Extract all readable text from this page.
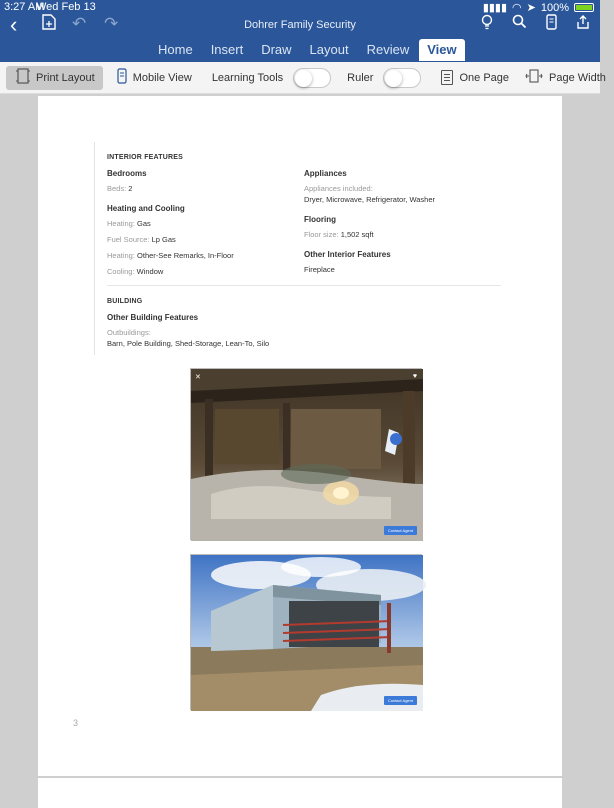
3:27 AM
Wed Feb 13	▮▮▮▮ ◠ ➤ 100%
‹	↶ ↷	Dohrer Family Security
Home	Insert	Draw	Layout	Review	View
Print Layout	Mobile View Learning Tools	Ruler	One Page	Page Width
INTERIOR FEATURES
Bedrooms
Beds: 2
Heating and Cooling
Heating: Gas
Fuel Source: Lp Gas
Heating: Other-See Remarks, In-Floor
Cooling: Window
Appliances
Appliances included:
Dryer, Microwave, Refrigerator, Washer
Flooring
Floor size: 1,502 sqft
Other Interior Features
Fireplace
BUILDING
Other Building Features
Outbuildings:
Barn, Pole Building, Shed-Storage, Lean-To, Silo
✕	♥
Contact Agent
Contact Agent
3
